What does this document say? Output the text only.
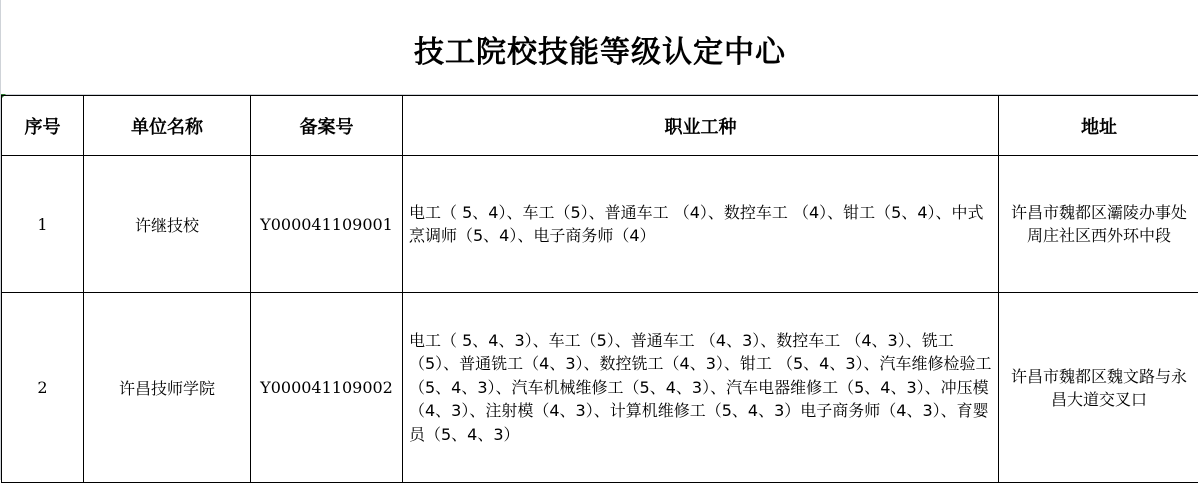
技工院校技能等级认定中心
序号	单位名称	备案号	职业工种	地址
1	许继技校	Y000041109001	电工（ 5、4）、车工（5）、普通车工 （4）、数控车工 （4）、钳工（5、4）、中式烹调师（5、4）、电子商务师（4）	许昌市魏都区灞陵办事处周庄社区西外环中段
2	许昌技师学院	Y000041109002	电工（ 5、4、3）、车工（5）、普通车工 （4、3）、数控车工 （4、3）、铣工（5）、普通铣工（4、3）、数控铣工（4、3）、钳工 （5、4、3）、汽车维修检验工 （5、4、3）、汽车机械维修工（5、4、3）、汽车电器维修工（5、4、3）、冲压模（4、3）、注射模（4、3）、计算机维修工（5、4、3）电子商务师（4、3）、育婴员（5、4、3）	许昌市魏都区魏文路与永昌大道交叉口
